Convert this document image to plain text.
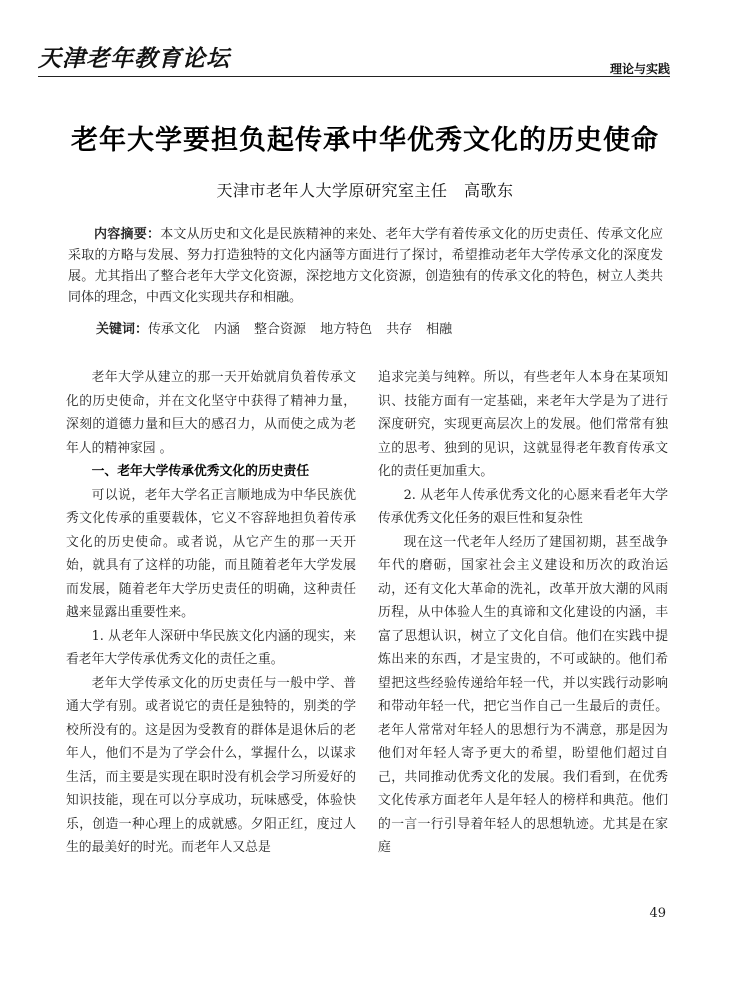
天津老年教育论坛	理论与实践
老年大学要担负起传承中华优秀文化的历史使命
天津市老年人大学原研究室主任　高歌东

内容摘要：本文从历史和文化是民族精神的来处、老年大学有着传承文化的历史责任、传承文化应采取的方略与发展、努力打造独特的文化内涵等方面进行了探讨，希望推动老年大学传承文化的深度发展。尤其指出了整合老年大学文化资源，深挖地方文化资源，创造独有的传承文化的特色，树立人类共同体的理念，中西文化实现共存和相融。

关键词：传承文化 内涵 整合资源 地方特色 共存 相融

老年大学从建立的那一天开始就肩负着传承文化的历史使命，并在文化坚守中获得了精神力量，深刻的道德力量和巨大的感召力，从而使之成为老年人的精神家园 。

一、老年大学传承优秀文化的历史责任

可以说，老年大学名正言顺地成为中华民族优秀文化传承的重要载体，它义不容辞地担负着传承文化的历史使命。或者说，从它产生的那一天开始，就具有了这样的功能，而且随着老年大学发展而发展，随着老年大学历史责任的明确，这种责任越来显露出重要性来。

1. 从老年人深研中华民族文化内涵的现实，来看老年大学传承优秀文化的责任之重。

老年大学传承文化的历史责任与一般中学、普通大学有别。或者说它的责任是独特的，别类的学校所没有的。这是因为受教育的群体是退休后的老年人，他们不是为了学会什么，掌握什么，以谋求生活，而主要是实现在职时没有机会学习所爱好的知识技能，现在可以分享成功，玩味感受，体验快乐，创造一种心理上的成就感。夕阳正红，度过人生的最美好的时光。而老年人又总是

追求完美与纯粹。所以，有些老年人本身在某项知识、技能方面有一定基础，来老年大学是为了进行深度研究，实现更高层次上的发展。他们常常有独立的思考、独到的见识，这就显得老年教育传承文化的责任更加重大。

2. 从老年人传承优秀文化的心愿来看老年大学传承优秀文化任务的艰巨性和复杂性

现在这一代老年人经历了建国初期，甚至战争年代的磨砺，国家社会主义建设和历次的政治运动，还有文化大革命的洗礼，改革开放大潮的风雨历程，从中体验人生的真谛和文化建设的内涵，丰富了思想认识，树立了文化自信。他们在实践中提炼出来的东西，才是宝贵的，不可或缺的。他们希望把这些经验传递给年轻一代，并以实践行动影响和带动年轻一代，把它当作自己一生最后的责任。老年人常常对年轻人的思想行为不满意，那是因为他们对年轻人寄予更大的希望，盼望他们超过自己，共同推动优秀文化的发展。我们看到，在优秀文化传承方面老年人是年轻人的榜样和典范。他们的一言一行引导着年轻人的思想轨迹。尤其是在家庭

49
